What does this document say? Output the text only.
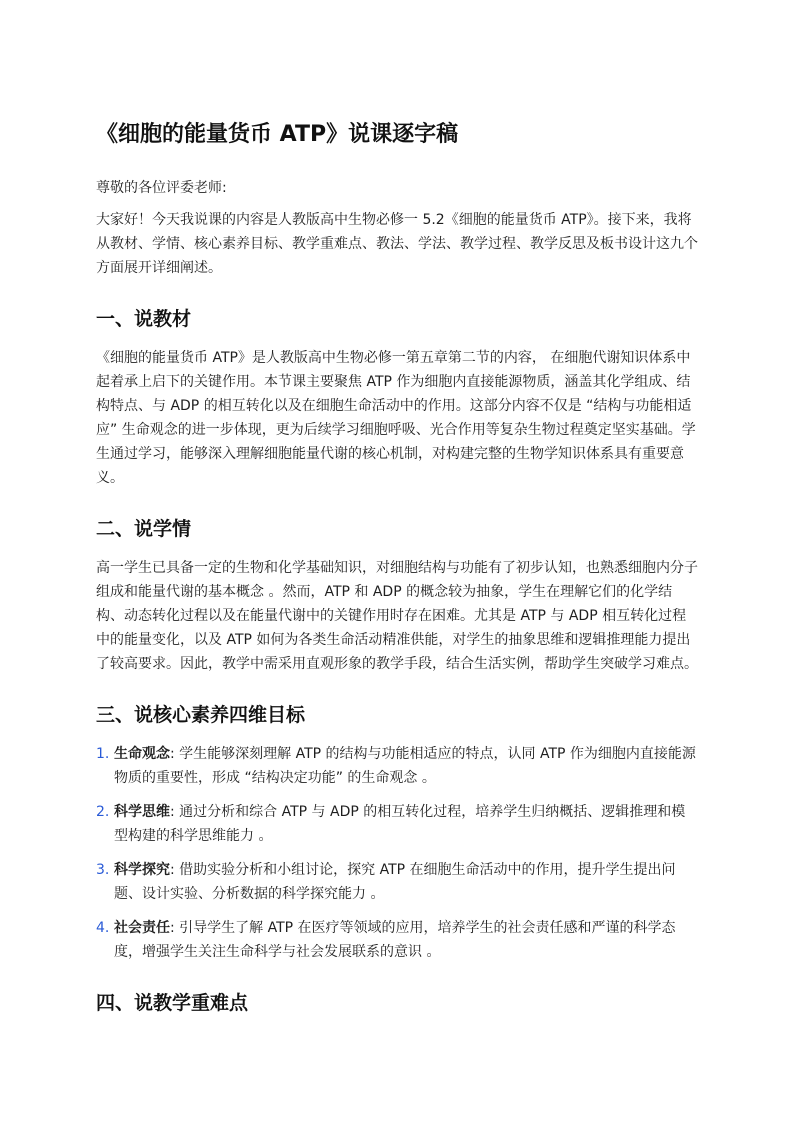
《细胞的能量货币 ATP》说课逐字稿

尊敬的各位评委老师:

大家好！今天我说课的内容是人教版高中生物必修一 5.2《细胞的能量货币 ATP》。接下来，我将从教材、学情、核心素养目标、教学重难点、教法、学法、教学过程、教学反思及板书设计这九个方面展开详细阐述。

一、说教材

《细胞的能量货币 ATP》是人教版高中生物必修一第五章第二节的内容， 在细胞代谢知识体系中起着承上启下的关键作用。本节课主要聚焦 ATP 作为细胞内直接能源物质，涵盖其化学组成、结构特点、与 ADP 的相互转化以及在细胞生命活动中的作用。这部分内容不仅是 “结构与功能相适应” 生命观念的进一步体现，更为后续学习细胞呼吸、光合作用等复杂生物过程奠定坚实基础。学生通过学习，能够深入理解细胞能量代谢的核心机制，对构建完整的生物学知识体系具有重要意义。

二、说学情

高一学生已具备一定的生物和化学基础知识，对细胞结构与功能有了初步认知，也熟悉细胞内分子组成和能量代谢的基本概念 。然而，ATP 和 ADP 的概念较为抽象，学生在理解它们的化学结构、动态转化过程以及在能量代谢中的关键作用时存在困难。尤其是 ATP 与 ADP 相互转化过程中的能量变化，以及 ATP 如何为各类生命活动精准供能，对学生的抽象思维和逻辑推理能力提出了较高要求。因此，教学中需采用直观形象的教学手段，结合生活实例，帮助学生突破学习难点。

三、说核心素养四维目标
1. 生命观念: 学生能够深刻理解 ATP 的结构与功能相适应的特点，认同 ATP 作为细胞内直接能源物质的重要性，形成 “结构决定功能” 的生命观念 。
2. 科学思维: 通过分析和综合 ATP 与 ADP 的相互转化过程，培养学生归纳概括、逻辑推理和模型构建的科学思维能力 。
3. 科学探究: 借助实验分析和小组讨论，探究 ATP 在细胞生命活动中的作用，提升学生提出问题、设计实验、分析数据的科学探究能力 。
4. 社会责任: 引导学生了解 ATP 在医疗等领域的应用，培养学生的社会责任感和严谨的科学态度，增强学生关注生命科学与社会发展联系的意识 。
四、说教学重难点
